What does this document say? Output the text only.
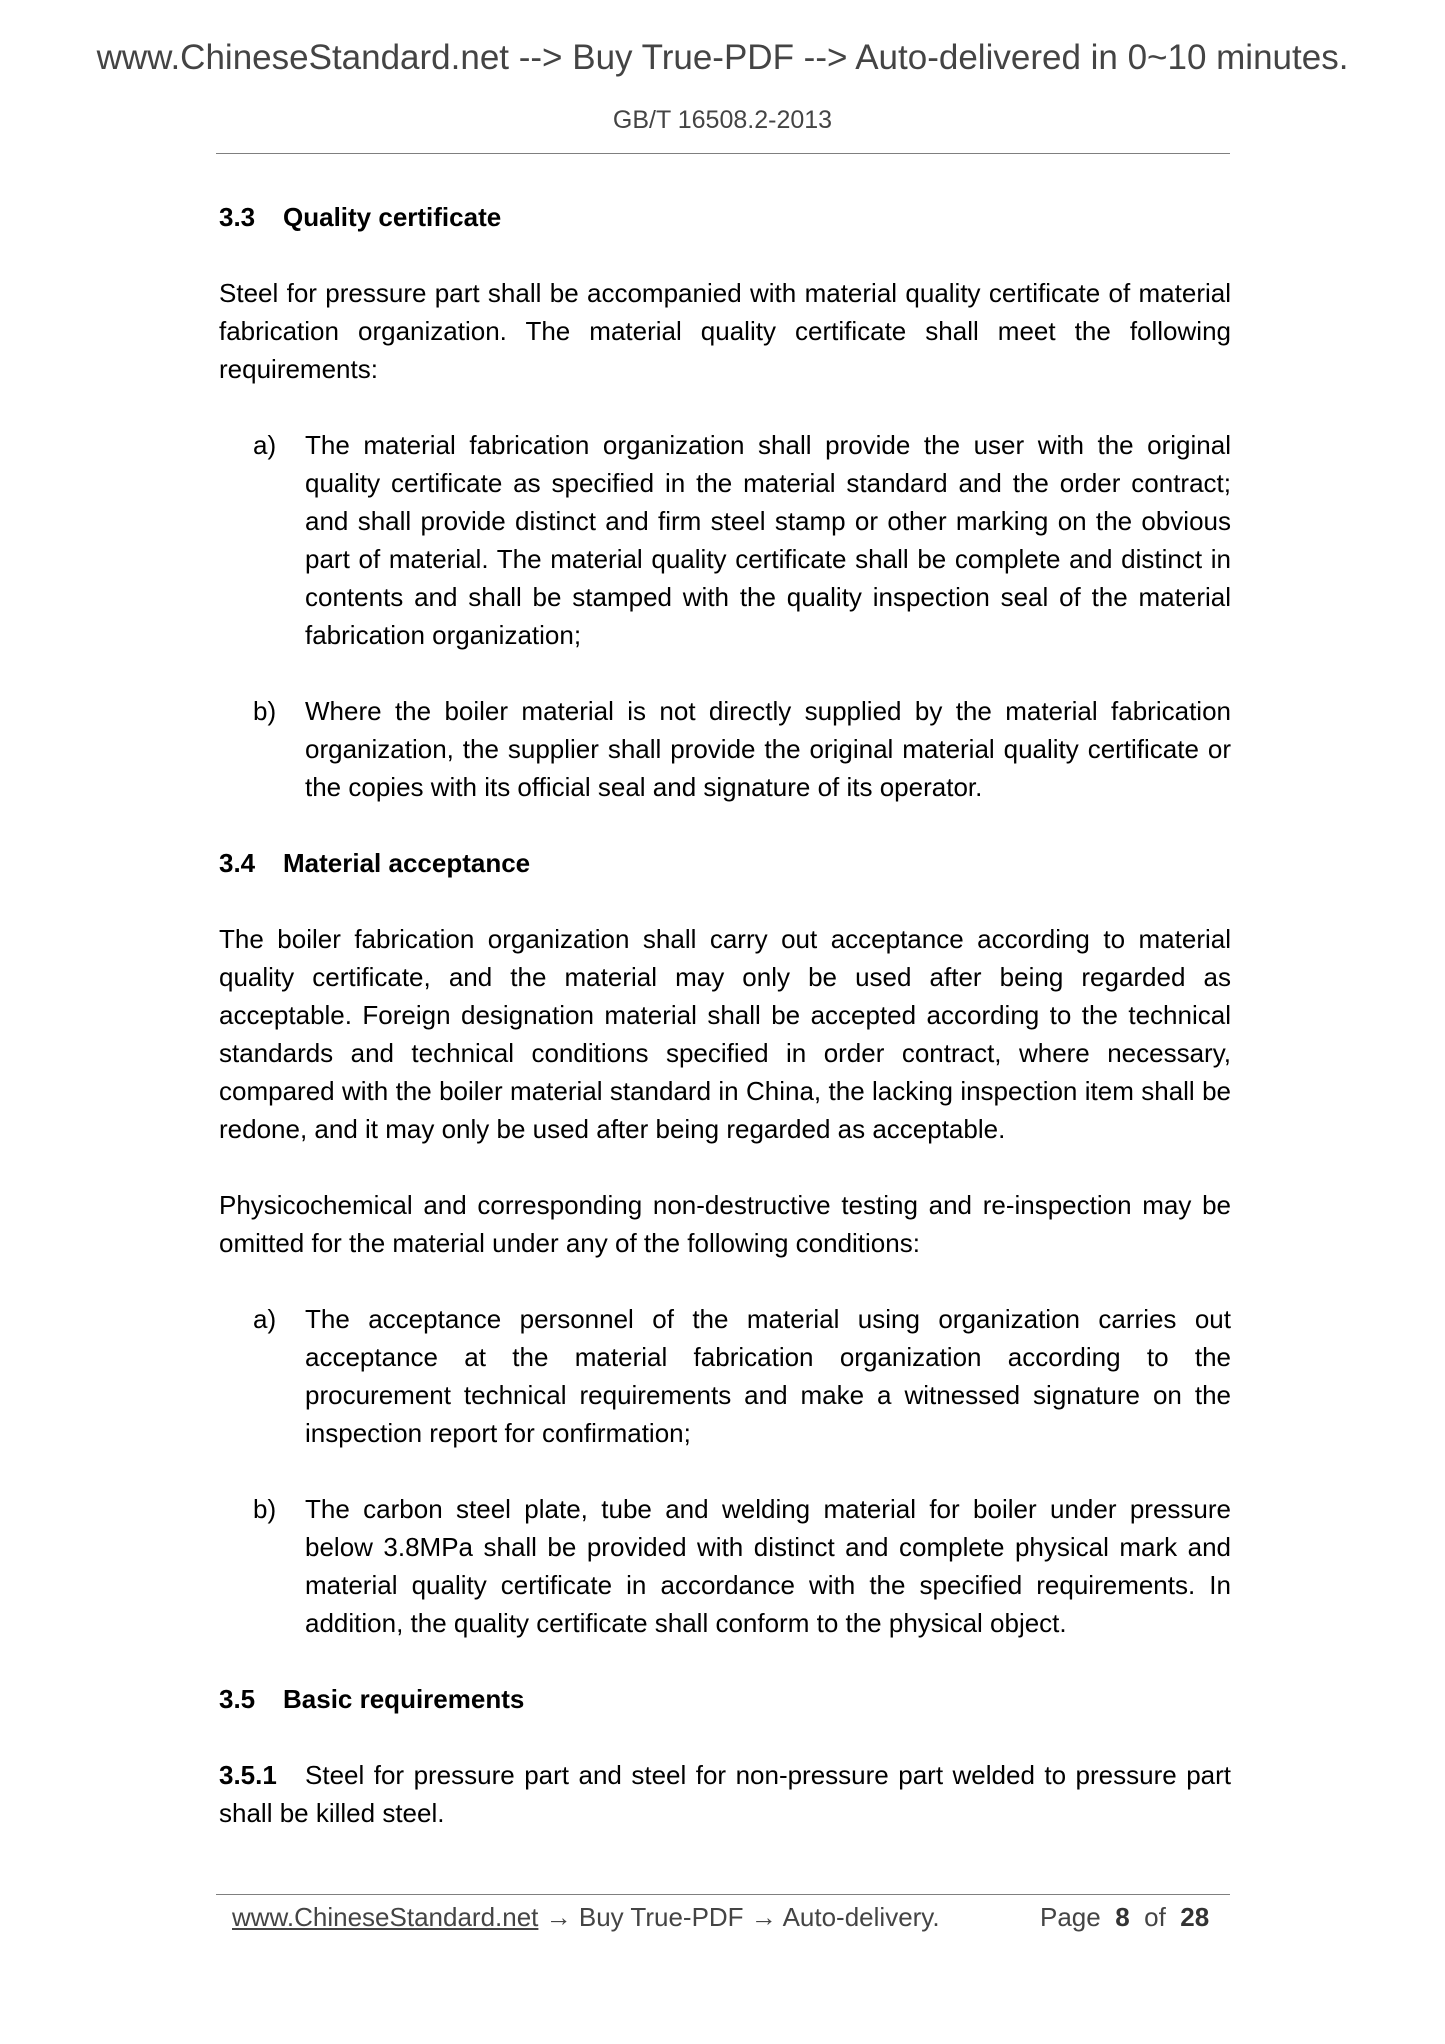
www.ChineseStandard.net --> Buy True-PDF --> Auto-delivered in 0~10 minutes.
GB/T 16508.2-2013

3.3 Quality certificate

Steel for pressure part shall be accompanied with material quality certificate of material fabrication organization. The material quality certificate shall meet the following requirements:

a) The material fabrication organization shall provide the user with the original quality certificate as specified in the material standard and the order contract; and shall provide distinct and firm steel stamp or other marking on the obvious part of material. The material quality certificate shall be complete and distinct in contents and shall be stamped with the quality inspection seal of the material fabrication organization;
b) Where the boiler material is not directly supplied by the material fabrication organization, the supplier shall provide the original material quality certificate or the copies with its official seal and signature of its operator.

3.4 Material acceptance

The boiler fabrication organization shall carry out acceptance according to material quality certificate, and the material may only be used after being regarded as acceptable. Foreign designation material shall be accepted according to the technical standards and technical conditions specified in order contract, where necessary, compared with the boiler material standard in China, the lacking inspection item shall be redone, and it may only be used after being regarded as acceptable.

Physicochemical and corresponding non-destructive testing and re-inspection may be omitted for the material under any of the following conditions:

a) The acceptance personnel of the material using organization carries out acceptance at the material fabrication organization according to the procurement technical requirements and make a witnessed signature on the inspection report for confirmation;
b) The carbon steel plate, tube and welding material for boiler under pressure below 3.8MPa shall be provided with distinct and complete physical mark and material quality certificate in accordance with the specified requirements. In addition, the quality certificate shall conform to the physical object.

3.5 Basic requirements

3.5.1 Steel for pressure part and steel for non-pressure part welded to pressure part shall be killed steel.

www.ChineseStandard.net → Buy True-PDF → Auto-delivery.	Page 8 of 28
